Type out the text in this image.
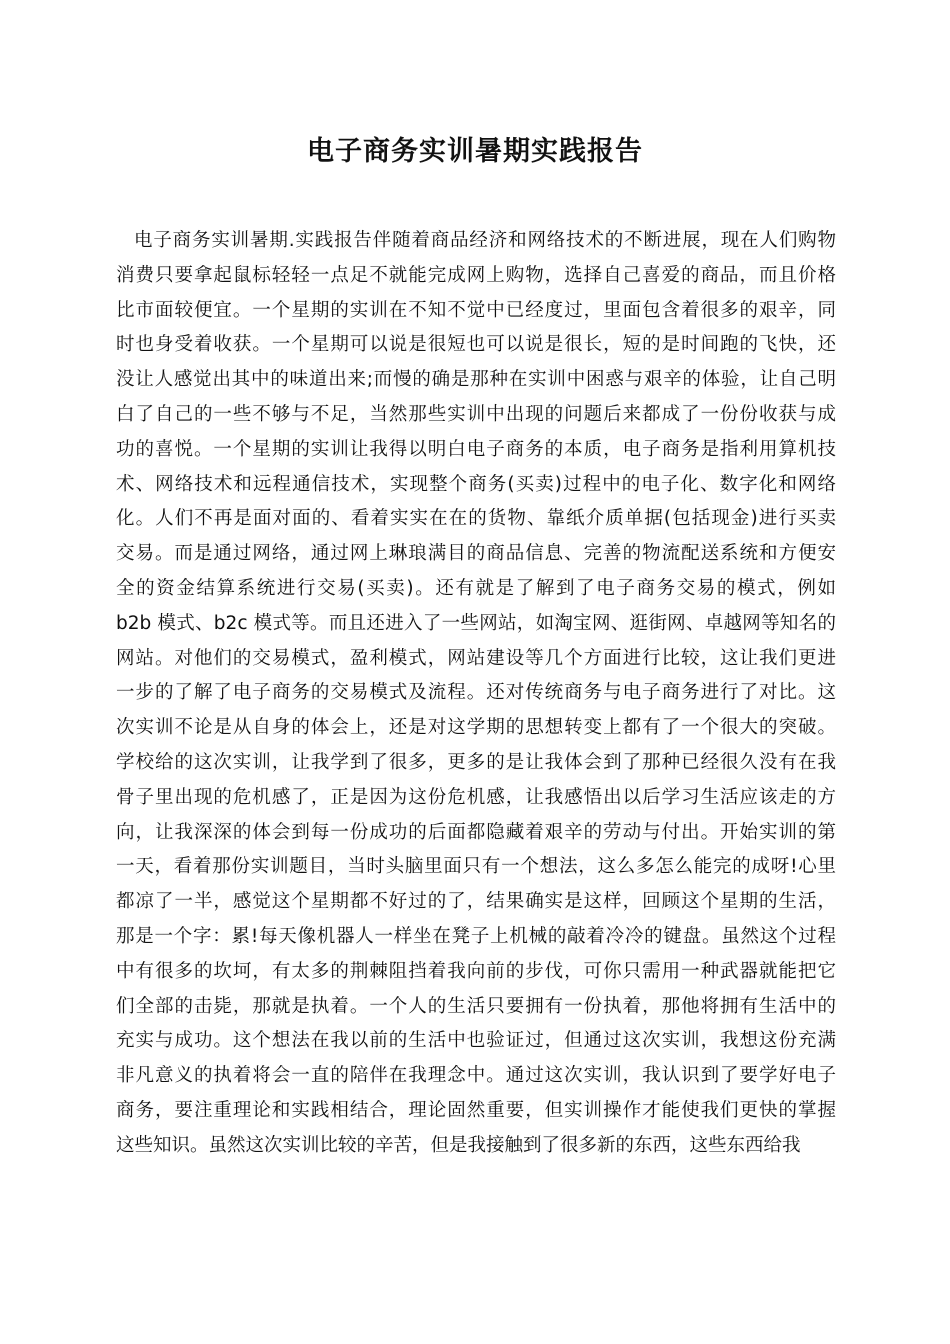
电子商务实训暑期实践报告
电子商务实训暑期.实践报告伴随着商品经济和网络技术的不断进展，现在人们购物
消费只要拿起鼠标轻轻一点足不就能完成网上购物，选择自己喜爱的商品，而且价格
比市面较便宜。一个星期的实训在不知不觉中已经度过，里面包含着很多的艰辛，同
时也身受着收获。一个星期可以说是很短也可以说是很长，短的是时间跑的飞快，还
没让人感觉出其中的味道出来;而慢的确是那种在实训中困惑与艰辛的体验，让自己明
白了自己的一些不够与不足，当然那些实训中出现的问题后来都成了一份份收获与成
功的喜悦。一个星期的实训让我得以明白电子商务的本质，电子商务是指利用算机技
术、网络技术和远程通信技术，实现整个商务(买卖)过程中的电子化、数字化和网络
化。人们不再是面对面的、看着实实在在的货物、靠纸介质单据(包括现金)进行买卖
交易。而是通过网络，通过网上琳琅满目的商品信息、完善的物流配送系统和方便安
全的资金结算系统进行交易(买卖)。还有就是了解到了电子商务交易的模式，例如
b2b 模式、b2c 模式等。而且还进入了一些网站，如淘宝网、逛街网、卓越网等知名的
网站。对他们的交易模式，盈利模式，网站建设等几个方面进行比较，这让我们更进
一步的了解了电子商务的交易模式及流程。还对传统商务与电子商务进行了对比。这
次实训不论是从自身的体会上，还是对这学期的思想转变上都有了一个很大的突破。
学校给的这次实训，让我学到了很多，更多的是让我体会到了那种已经很久没有在我
骨子里出现的危机感了，正是因为这份危机感，让我感悟出以后学习生活应该走的方
向，让我深深的体会到每一份成功的后面都隐藏着艰辛的劳动与付出。开始实训的第
一天，看着那份实训题目，当时头脑里面只有一个想法，这么多怎么能完的成呀!心里
都凉了一半，感觉这个星期都不好过的了，结果确实是这样，回顾这个星期的生活，
那是一个字：累!每天像机器人一样坐在凳子上机械的敲着冷冷的键盘。虽然这个过程
中有很多的坎坷，有太多的荆棘阻挡着我向前的步伐，可你只需用一种武器就能把它
们全部的击毙，那就是执着。一个人的生活只要拥有一份执着，那他将拥有生活中的
充实与成功。这个想法在我以前的生活中也验证过，但通过这次实训，我想这份充满
非凡意义的执着将会一直的陪伴在我理念中。通过这次实训，我认识到了要学好电子
商务，要注重理论和实践相结合，理论固然重要，但实训操作才能使我们更快的掌握
这些知识。虽然这次实训比较的辛苦，但是我接触到了很多新的东西，这些东西给我
